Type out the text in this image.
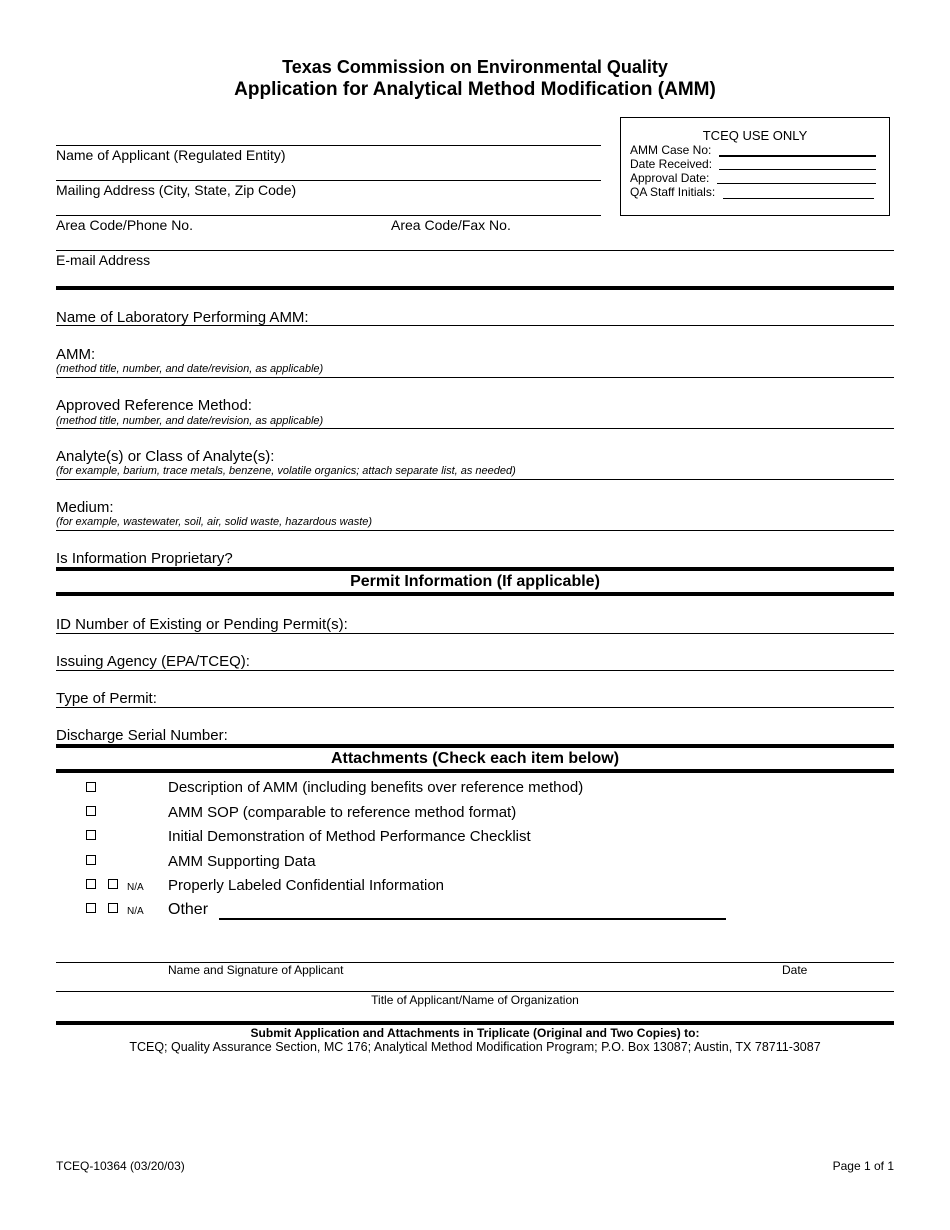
Texas Commission on Environmental Quality
Application for Analytical Method Modification (AMM)
TCEQ USE ONLY
AMM Case No:
Date Received:
Approval Date:
QA Staff Initials:
Name of Applicant (Regulated Entity)
Mailing Address (City, State, Zip Code)
Area Code/Phone No.	Area Code/Fax No.
E-mail Address
Name of Laboratory Performing AMM:
AMM:
(method title, number, and date/revision, as applicable)
Approved Reference Method:
(method title, number, and date/revision, as applicable)
Analyte(s) or Class of Analyte(s):
(for example, barium, trace metals, benzene, volatile organics; attach separate list, as needed)
Medium:
(for example, wastewater, soil, air, solid waste, hazardous waste)
Is Information Proprietary?
Permit Information (If applicable)
ID Number of Existing or Pending Permit(s):
Issuing Agency (EPA/TCEQ):
Type of Permit:
Discharge Serial Number:
Attachments (Check each item below)
Description of AMM (including benefits over reference method)
AMM SOP (comparable to reference method format)
Initial Demonstration of Method Performance Checklist
AMM Supporting Data
N/A Properly Labeled Confidential Information
N/A Other
Name and Signature of Applicant	Date
Title of Applicant/Name of Organization
Submit Application and Attachments in Triplicate (Original and Two Copies) to:
TCEQ; Quality Assurance Section, MC 176; Analytical Method Modification Program; P.O. Box 13087; Austin, TX 78711-3087
TCEQ-10364 (03/20/03)	Page 1 of 1
